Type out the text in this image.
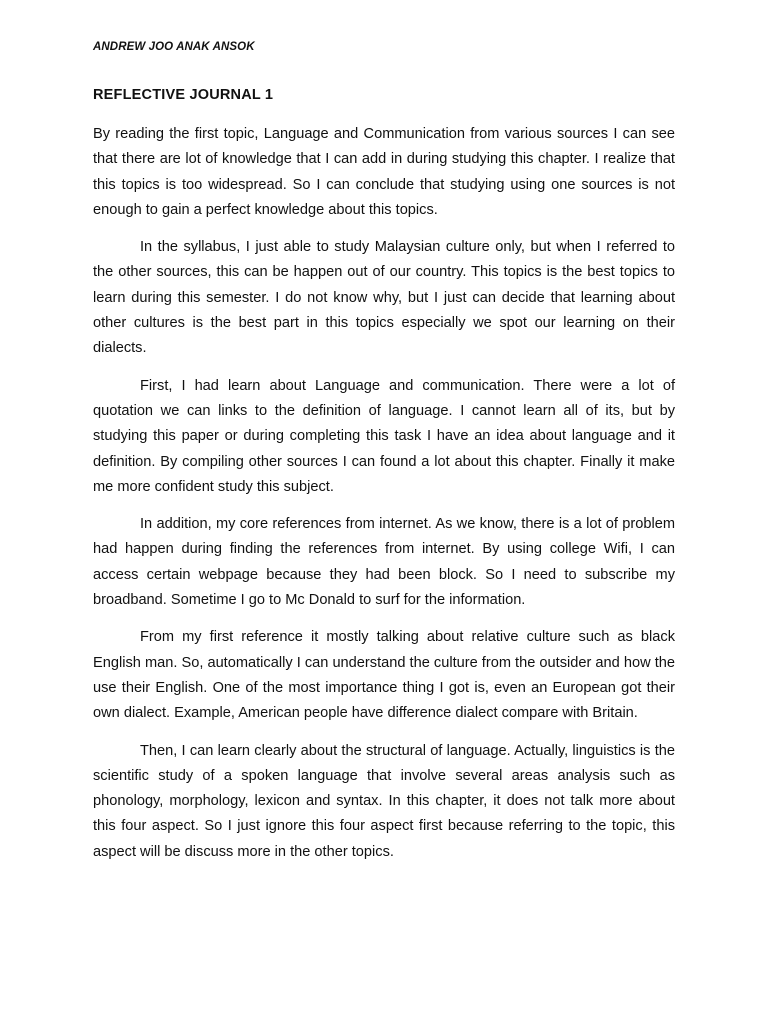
ANDREW JOO ANAK ANSOK
REFLECTIVE JOURNAL 1

By reading the first topic, Language and Communication from various sources I can see that there are lot of knowledge that I can add in during studying this chapter. I realize that this topics is too widespread. So I can conclude that studying using one sources is not enough to gain a perfect knowledge about this topics.

In the syllabus, I just able to study Malaysian culture only, but when I referred to the other sources, this can be happen out of our country. This topics is the best topics to learn during this semester. I do not know why, but I just can decide that learning about other cultures is the best part in this topics especially we spot our learning on their dialects.

First, I had learn about Language and communication. There were a lot of quotation we can links to the definition of language. I cannot learn all of its, but by studying this paper or during completing this task I have an idea about language and it definition. By compiling other sources I can found a lot about this chapter. Finally it make me more confident study this subject.

In addition, my core references from internet. As we know, there is a lot of problem had happen during finding the references from internet. By using college Wifi, I can access certain webpage because they had been block. So I need to subscribe my broadband. Sometime I go to Mc Donald to surf for the information.

From my first reference it mostly talking about relative culture such as black English man. So, automatically I can understand the culture from the outsider and how the use their English. One of the most importance thing I got is, even an European got their own dialect. Example, American people have difference dialect compare with Britain.

Then, I can learn clearly about the structural of language. Actually, linguistics is the scientific study of a spoken language that involve several areas analysis such as phonology, morphology, lexicon and syntax. In this chapter, it does not talk more about this four aspect. So I just ignore this four aspect first because referring to the topic, this aspect will be discuss more in the other topics.
